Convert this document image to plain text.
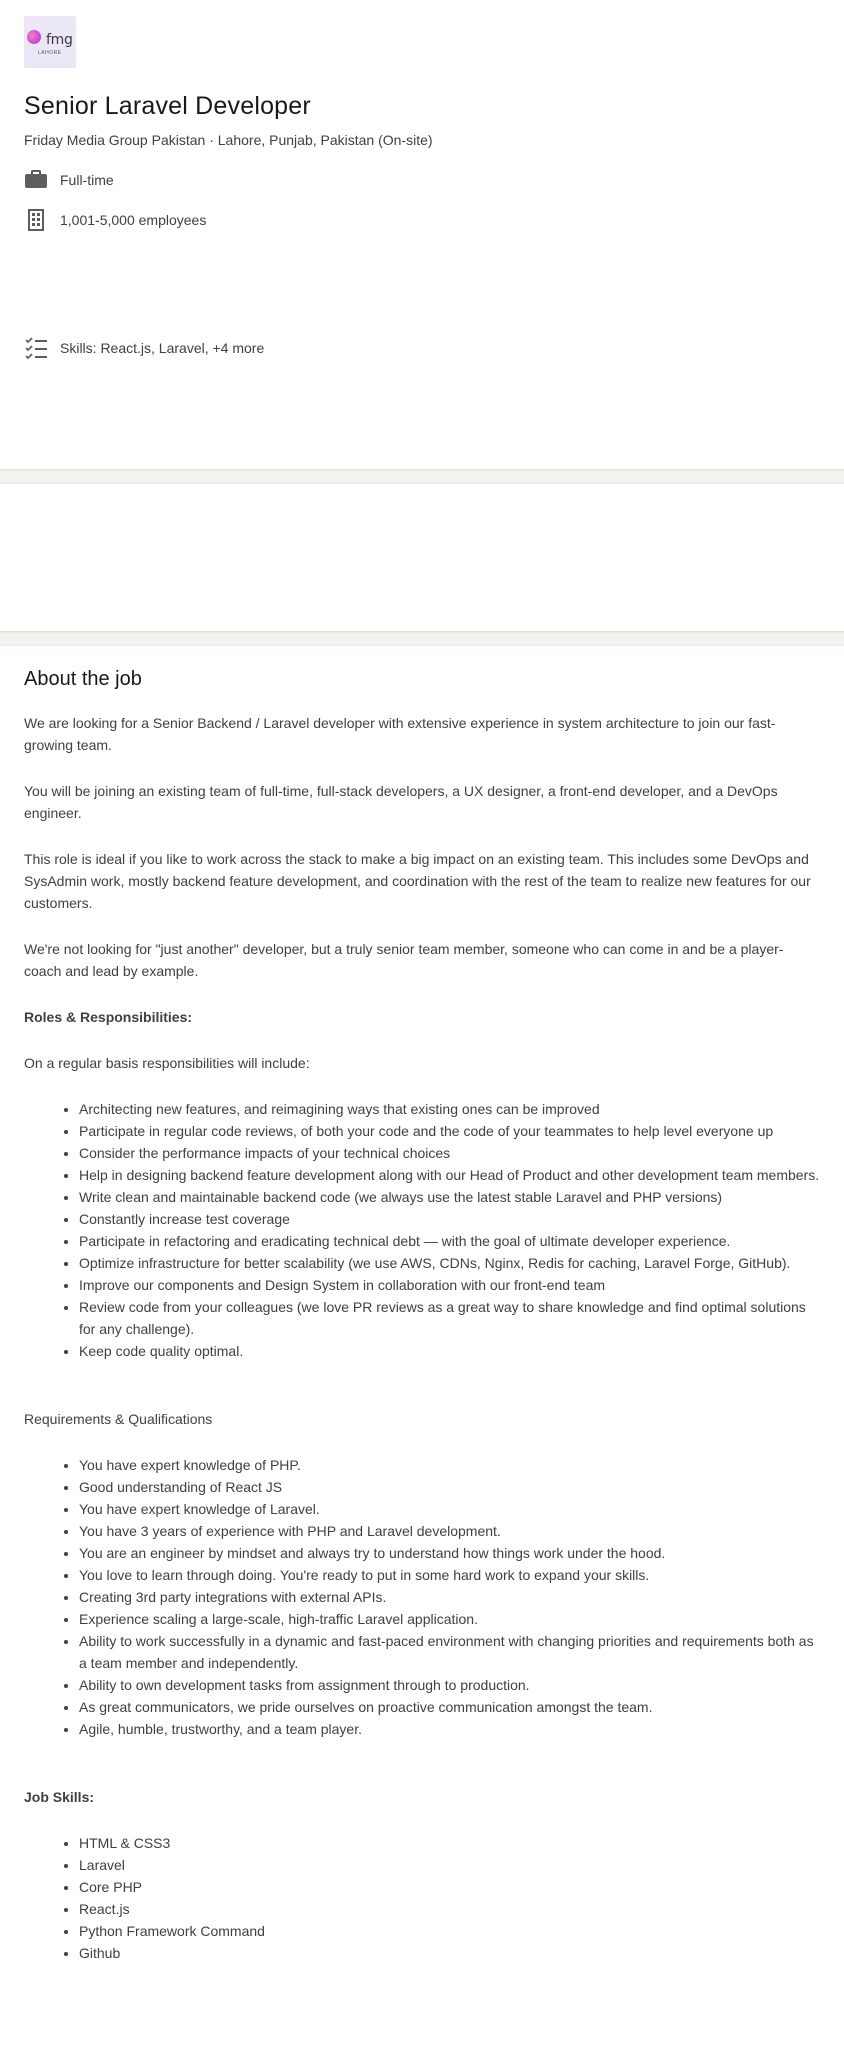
fmg
LAHORE
Senior Laravel Developer
Friday Media Group Pakistan · Lahore, Punjab, Pakistan (On-site)
Full-time
1,001-5,000 employees
Skills: React.js, Laravel, +4 more
About the job

We are looking for a Senior Backend / Laravel developer with extensive experience in system architecture to join our fast-growing team.

You will be joining an existing team of full-time, full-stack developers, a UX designer, a front-end developer, and a DevOps engineer.

This role is ideal if you like to work across the stack to make a big impact on an existing team. This includes some DevOps and SysAdmin work, mostly backend feature development, and coordination with the rest of the team to realize new features for our customers.

We're not looking for "just another" developer, but a truly senior team member, someone who can come in and be a player-coach and lead by example.

Roles & Responsibilities:

On a regular basis responsibilities will include:

• Architecting new features, and reimagining ways that existing ones can be improved
• Participate in regular code reviews, of both your code and the code of your teammates to help level everyone up
• Consider the performance impacts of your technical choices
• Help in designing backend feature development along with our Head of Product and other development team members.
• Write clean and maintainable backend code (we always use the latest stable Laravel and PHP versions)
• Constantly increase test coverage
• Participate in refactoring and eradicating technical debt — with the goal of ultimate developer experience.
• Optimize infrastructure for better scalability (we use AWS, CDNs, Nginx, Redis for caching, Laravel Forge, GitHub).
• Improve our components and Design System in collaboration with our front-end team
• Review code from your colleagues (we love PR reviews as a great way to share knowledge and find optimal solutions for any challenge).
• Keep code quality optimal.
Requirements & Qualifications
• You have expert knowledge of PHP.
• Good understanding of React JS
• You have expert knowledge of Laravel.
• You have 3 years of experience with PHP and Laravel development.
• You are an engineer by mindset and always try to understand how things work under the hood.
• You love to learn through doing. You're ready to put in some hard work to expand your skills.
• Creating 3rd party integrations with external APIs.
• Experience scaling a large-scale, high-traffic Laravel application.
• Ability to work successfully in a dynamic and fast-paced environment with changing priorities and requirements both as a team member and independently.
• Ability to own development tasks from assignment through to production.
• As great communicators, we pride ourselves on proactive communication amongst the team.
• Agile, humble, trustworthy, and a team player.

Job Skills:

• HTML & CSS3
• Laravel
• Core PHP
• React.js
• Python Framework Command
• Github
